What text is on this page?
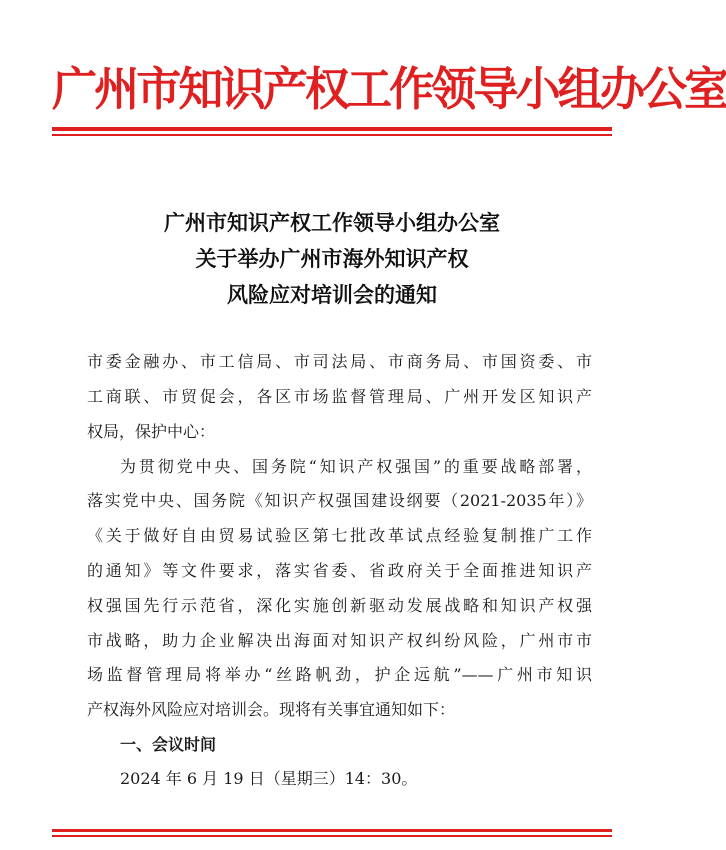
广州市知识产权工作领导小组办公室
广州市知识产权工作领导小组办公室
关于举办广州市海外知识产权
风险应对培训会的通知
市委金融办、市工信局、市司法局、市商务局、市国资委、市
工商联、市贸促会，各区市场监督管理局、广州开发区知识产
权局，保护中心：
为贯彻党中央、国务院“知识产权强国”的重要战略部署，
落实党中央、国务院《知识产权强国建设纲要（2021-2035年）》
《关于做好自由贸易试验区第七批改革试点经验复制推广工作
的通知》等文件要求，落实省委、省政府关于全面推进知识产
权强国先行示范省，深化实施创新驱动发展战略和知识产权强
市战略，助力企业解决出海面对知识产权纠纷风险，广州市市
场监督管理局将举办“丝路帆劲，护企远航”——广州市知识
产权海外风险应对培训会。现将有关事宜通知如下：
一、会议时间
2024 年 6 月 19 日（星期三）14：30。
